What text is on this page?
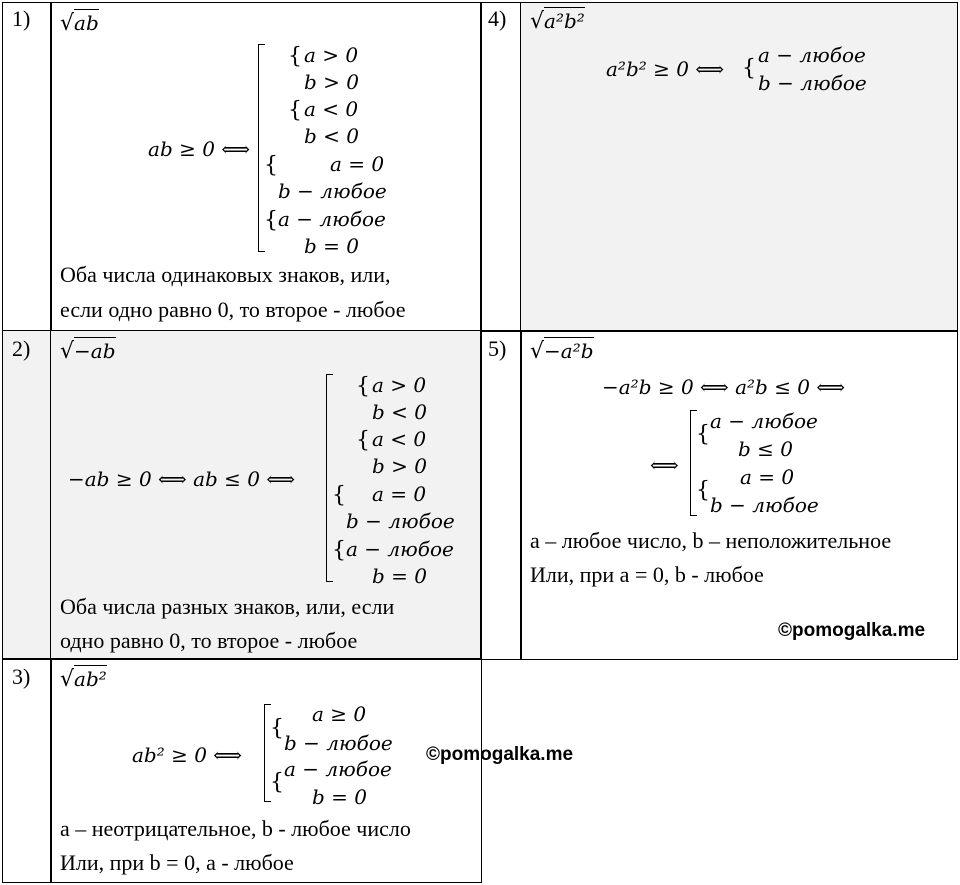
1) √ab
ab ≥ 0 ⟺
{ a > 0
b > 0
{ a < 0
b < 0
{	a = 0
b − любое
{ a − любое
b = 0
Оба числа одинаковых знаков, или,
если одно равно 0, то второе - любое
4) √a²b²
a²b² ≥ 0 ⟺ {
a − любое
b − любое
2) √−ab
−ab ≥ 0 ⟺ ab ≤ 0 ⟺
{ a > 0
b < 0
{ a < 0
b > 0
{ a = 0
b − любое
{ a − любое
b = 0
Оба числа разных знаков, или, если
одно равно 0, то второе - любое
5) √−a²b
−a²b ≥ 0 ⟺ a²b ≤ 0 ⟺
⟺
{
a − любое
b ≤ 0
{
a = 0
b − любое
a – любое число, b – неположительное
Или, при a = 0, b - любое
©pomogalka.me
3) √ab²
ab² ≥ 0 ⟺
{
a ≥ 0
b − любое
{
a − любое
b = 0
a – неотрицательное, b - любое число
Или, при b = 0, a - любое
©pomogalka.me
